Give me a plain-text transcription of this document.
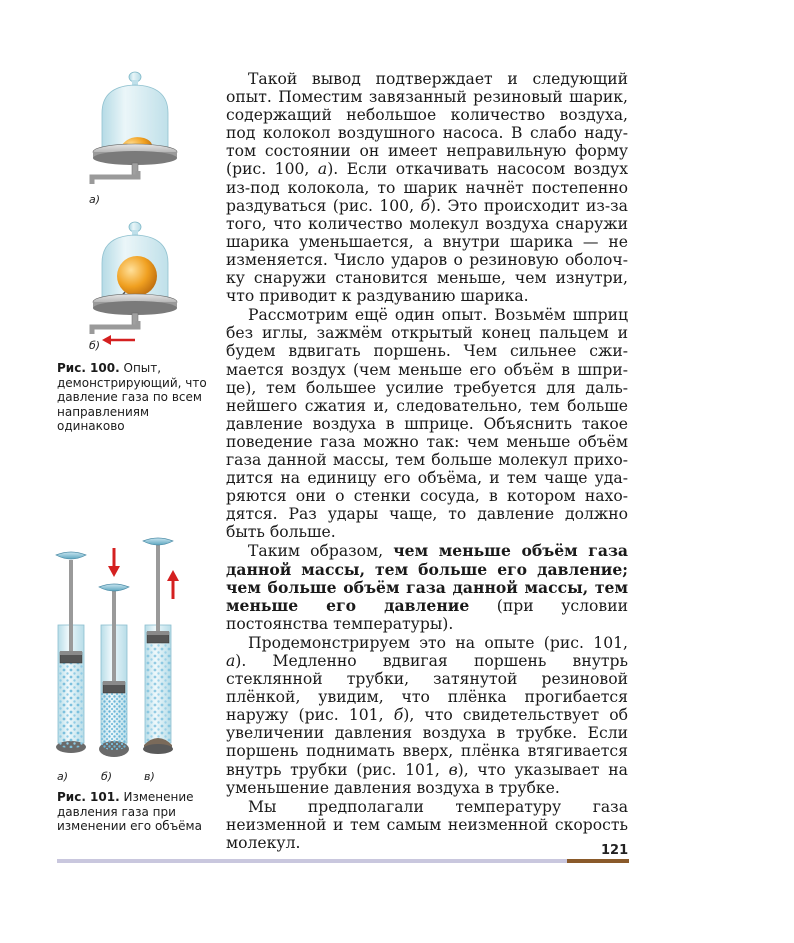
а)
б)
Рис. 100. Опыт, демонстрирующий, что давление газа по всем направлениям одинаково
а)	б)	в)
Рис. 101. Изменение давления газа при изменении его объёма

Такой вывод подтверждает и следующий опыт. Поместим завязанный резиновый шарик, содержащий небольшое количество воздуха, под колокол воздушного насоса. В слабо надутом состоянии он имеет неправильную форму (рис. 100, а). Если откачивать насосом воздух из-под колокола, то шарик начнёт постепенно раздуваться (рис. 100, б). Это происходит из-за того, что количество молекул воздуха снаружи шарика уменьшается, а внутри шарика — не изменяется. Число ударов о резиновую оболочку снаружи становится меньше, чем изнутри, что приводит к раздуванию шарика.

Рассмотрим ещё один опыт. Возьмём шприц без иглы, зажмём открытый конец пальцем и будем вдвигать поршень. Чем сильнее сжимается воздух (чем меньше его объём в шприце), тем большее усилие требуется для дальнейшего сжатия и, следовательно, тем больше давление воздуха в шприце. Объяснить такое поведение газа можно так: чем меньше объём газа данной массы, тем больше молекул приходится на единицу его объёма, и тем чаще ударяются они о стенки сосуда, в котором находятся. Раз удары чаще, то давление должно быть больше.

Таким образом, чем меньше объём газа данной массы, тем больше его давление; чем больше объём газа данной массы, тем меньше его давление (при условии постоянства температуры).

Продемонстрируем это на опыте (рис. 101, а). Медленно вдвигая поршень внутрь стеклянной трубки, затянутой резиновой плёнкой, увидим, что плёнка прогибается наружу (рис. 101, б), что свидетельствует об увеличении давления воздуха в трубке. Если поршень поднимать вверх, плёнка втягивается внутрь трубки (рис. 101, в), что указывает на уменьшение давления воздуха в трубке.

Мы предполагали температуру газа неизменной и тем самым неизменной скорость молекул.	121
